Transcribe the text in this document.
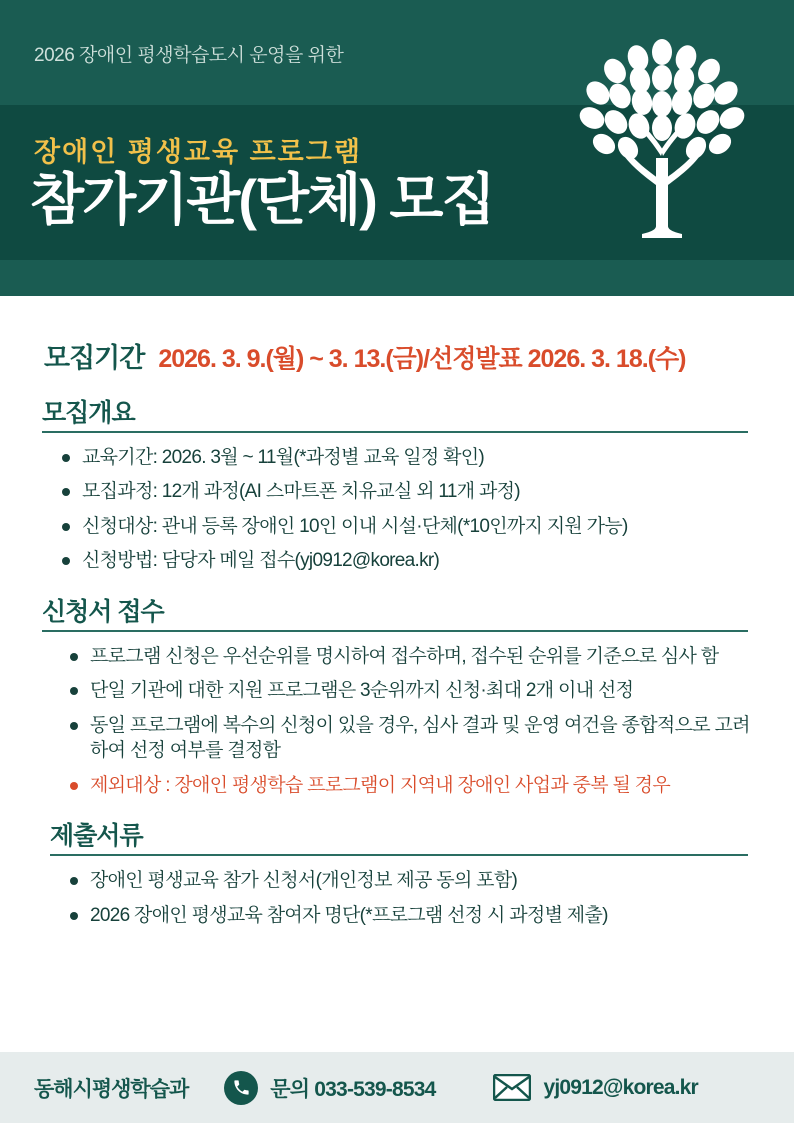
2026 장애인 평생학습도시 운영을 위한
장애인 평생교육 프로그램
참가기관(단체) 모집
모집기간 2026. 3. 9.(월) ~ 3. 13.(금)/선정발표 2026. 3. 18.(수)
모집개요
교육기간: 2026. 3월 ~ 11월(*과정별 교육 일정 확인)
모집과정: 12개 과정(AI 스마트폰 치유교실 외 11개 과정)
신청대상: 관내 등록 장애인 10인 이내 시설·단체(*10인까지 지원 가능)
신청방법: 담당자 메일 접수(yj0912@korea.kr)
신청서 접수
프로그램 신청은 우선순위를 명시하여 접수하며, 접수된 순위를 기준으로 심사 함
단일 기관에 대한 지원 프로그램은 3순위까지 신청·최대 2개 이내 선정
동일 프로그램에 복수의 신청이 있을 경우, 심사 결과 및 운영 여건을 종합적으로 고려하여 선정 여부를 결정함
제외대상 : 장애인 평생학습 프로그램이 지역내 장애인 사업과 중복 될 경우
제출서류
장애인 평생교육 참가 신청서(개인정보 제공 동의 포함)
2026 장애인 평생교육 참여자 명단(*프로그램 선정 시 과정별 제출)
동해시평생학습과	문의 033-539-8534	yj0912@korea.kr
